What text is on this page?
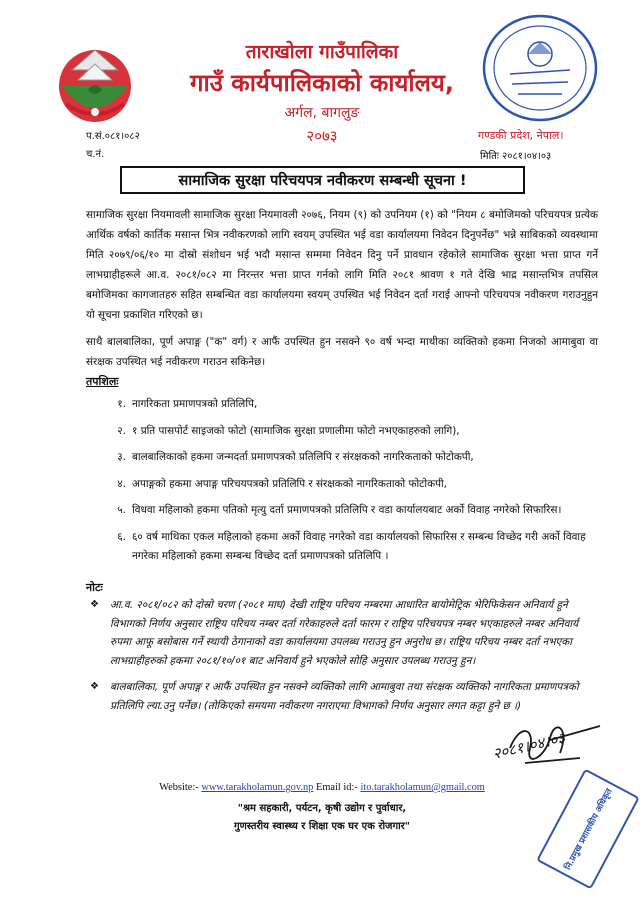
ताराखोला गाउँपालिका
गाउँ कार्यपालिकाको कार्यालय,
अर्गल, बागलुङ
२०७३
प.सं.०८१।०८२
च.नं.
गण्डकी प्रदेश, नेपाल।
मितिः २०८१।०४।०३
सामाजिक सुरक्षा परिचयपत्र नवीकरण सम्बन्धी सूचना !
सामाजिक सुरक्षा नियमावली सामाजिक सुरक्षा नियमावली २०७६, नियम (९) को उपनियम (१) को "नियम ८ बमोजिमको परिचयपत्र प्रत्येक आर्थिक वर्षको कार्तिक मसान्त भित्र नवीकरणको लागि स्वयम् उपस्थित भई वडा कार्यालयमा निवेदन दिनुपर्नेछ" भन्ने साबिकको व्यवस्थामा मिति २०७९/०६/१० मा दोस्रो संशोधन भई भदौ मसान्त सम्ममा निवेदन दिनु पर्ने प्रावधान रहेकोले सामाजिक सुरक्षा भत्ता प्राप्त गर्ने लाभग्राहीहरूले आ.व. २०८१/०८२ मा निरन्तर भत्ता प्राप्त गर्नको लागि मिति २०८१ श्रावण १ गते देखि भाद्र मसान्तभित्र तपसिल बमोजिमका कागजातहरु सहित सम्बन्धित वडा कार्यालयमा स्वयम् उपस्थित भई निवेदन दर्ता गराई आफ्नो परिचयपत्र नवीकरण गराउनुहुन यो सूचना प्रकाशित गरिएको छ।
साथै बालबालिका, पूर्ण अपाङ्ग ("क" वर्ग) र आफैं उपस्थित हुन नसक्ने ९० वर्ष भन्दा माथीका व्यक्तिको हकमा निजको आमाबुवा वा संरक्षक उपस्थित भई नवीकरण गराउन सकिनेछ।
तपशिलः
१. नागरिकता प्रमाणपत्रको प्रतिलिपि,
२. १ प्रति पासपोर्ट साइजको फोटो (सामाजिक सुरक्षा प्रणालीमा फोटो नभएकाहरुको लागि),
३. बालबालिकाको हकमा जन्मदर्ता प्रमाणपत्रको प्रतिलिपि र संरक्षकको नागरिकताको फोटोकपी,
४. अपाङ्गको हकमा अपाङ्ग परिचयपत्रको प्रतिलिपि र संरक्षकको नागरिकताको फोटोकपी,
५. विधवा महिलाको हकमा पतिको मृत्यु दर्ता प्रमाणपत्रको प्रतिलिपि र वडा कार्यालयबाट अर्को विवाह नगरेको सिफारिस।
६. ६० वर्ष माथिका एकल महिलाको हकमा अर्को विवाह नगरेको वडा कार्यालयको सिफारिस र सम्बन्ध विच्छेद गरी अर्को विवाह नगरेका महिलाको हकमा सम्बन्ध विच्छेद दर्ता प्रमाणपत्रको प्रतिलिपि ।
नोटः
❖	आ.व. २०८१/०८२ को दोस्रो चरण (२०८१ माघ) देखी राष्ट्रिय परिचय नम्बरमा आधारित बायोमेट्रिक भेरिफिकेसन अनिवार्य हुने विभागको निर्णय अनुसार राष्ट्रिय परिचय नम्बर दर्ता गरेकाहरुले दर्ता फारम र राष्ट्रिय परिचयपत्र नम्बर भएकाहरुले नम्बर अनिवार्य रुपमा आफू बसोबास गर्ने स्थायी ठेगानाको वडा कार्यालयमा उपलब्ध गराउनु हुन अनुरोध छ। राष्ट्रिय परिचय नम्बर दर्ता नभएका लाभग्राहीहरुको हकमा २०८१/१०/०१ बाट अनिवार्य हुने भएकोले सोहि अनुसार उपलब्ध गराउनु हुन।
❖	बालबालिका, पूर्ण अपाङ्ग र आफैं उपस्थित हुन नसक्ने व्यक्तिको लागि आमाबुवा तथा संरक्षक व्यक्तिको नागरिकता प्रमाणपत्रको प्रतिलिपि ल्या.उनु पर्नेछ। (तोकिएको समयमा नवीकरण नगराएमा विभागको निर्णय अनुसार लगत कट्टा हुने छ ।)
२०८१।०४।०३
नि.प्रमुख प्रशासकीय अधिकृत
Website:- www.tarakholamun.gov.np Email id:- ito.tarakholamun@gmail.com
"श्रम सहकारी, पर्यटन, कृषी उद्योग र पुर्वाधार,
गुणस्तरीय स्वास्थ्य र शिक्षा एक घर एक रोजगार"
